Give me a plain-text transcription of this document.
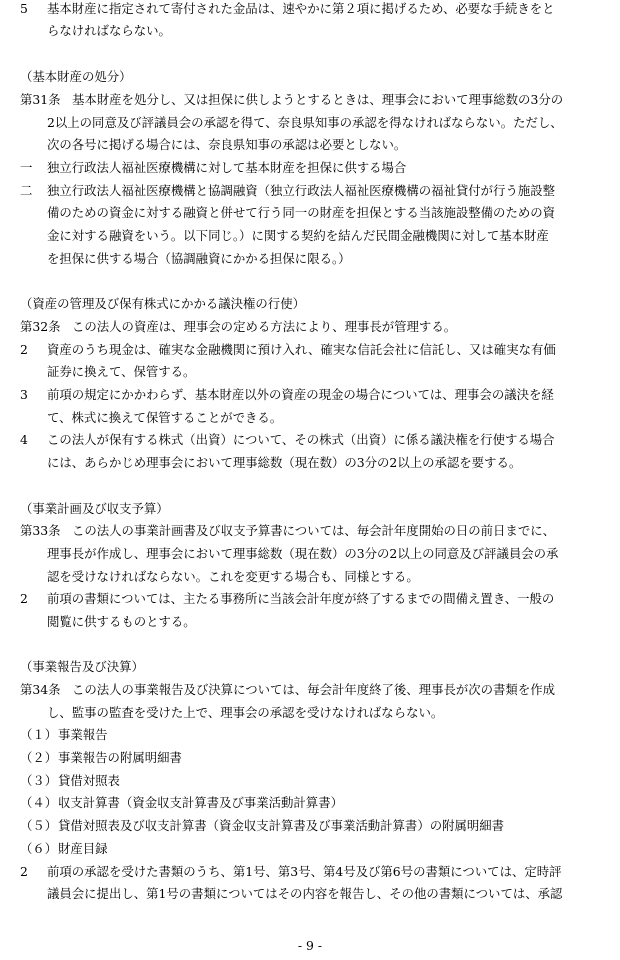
5 基本財産に指定されて寄付された金品は、速やかに第２項に掲げるため、必要な手続きをと
らなければならない。
（基本財産の処分）
第31条 基本財産を処分し、又は担保に供しようとするときは、理事会において理事総数の3分の
2以上の同意及び評議員会の承認を得て、奈良県知事の承認を得なければならない。ただし、
次の各号に掲げる場合には、奈良県知事の承認は必要としない。
一 独立行政法人福祉医療機構に対して基本財産を担保に供する場合
二 独立行政法人福祉医療機構と協調融資（独立行政法人福祉医療機構の福祉貸付が行う施設整
備のための資金に対する融資と併せて行う同一の財産を担保とする当該施設整備のための資
金に対する融資をいう。以下同じ。）に関する契約を結んだ民間金融機関に対して基本財産
を担保に供する場合（協調融資にかかる担保に限る。）
（資産の管理及び保有株式にかかる議決権の行使）
第32条 この法人の資産は、理事会の定める方法により、理事長が管理する。
2 資産のうち現金は、確実な金融機関に預け入れ、確実な信託会社に信託し、又は確実な有価
証券に換えて、保管する。
3 前項の規定にかかわらず、基本財産以外の資産の現金の場合については、理事会の議決を経
て、株式に換えて保管することができる。
4 この法人が保有する株式（出資）について、その株式（出資）に係る議決権を行使する場合
には、あらかじめ理事会において理事総数（現在数）の3分の2以上の承認を要する。
（事業計画及び収支予算）
第33条 この法人の事業計画書及び収支予算書については、毎会計年度開始の日の前日までに、
理事長が作成し、理事会において理事総数（現在数）の3分の2以上の同意及び評議員会の承
認を受けなければならない。これを変更する場合も、同様とする。
2 前項の書類については、主たる事務所に当該会計年度が終了するまでの間備え置き、一般の
閲覧に供するものとする。
（事業報告及び決算）
第34条 この法人の事業報告及び決算については、毎会計年度終了後、理事長が次の書類を作成
し、監事の監査を受けた上で、理事会の承認を受けなければならない。
（１） 事業報告
（２） 事業報告の附属明細書
（３） 貸借対照表
（４） 収支計算書（資金収支計算書及び事業活動計算書）
（５） 貸借対照表及び収支計算書（資金収支計算書及び事業活動計算書）の附属明細書
（６） 財産目録
2 前項の承認を受けた書類のうち、第1号、第3号、第4号及び第6号の書類については、定時評
議員会に提出し、第1号の書類についてはその内容を報告し、その他の書類については、承認
- 9 -
